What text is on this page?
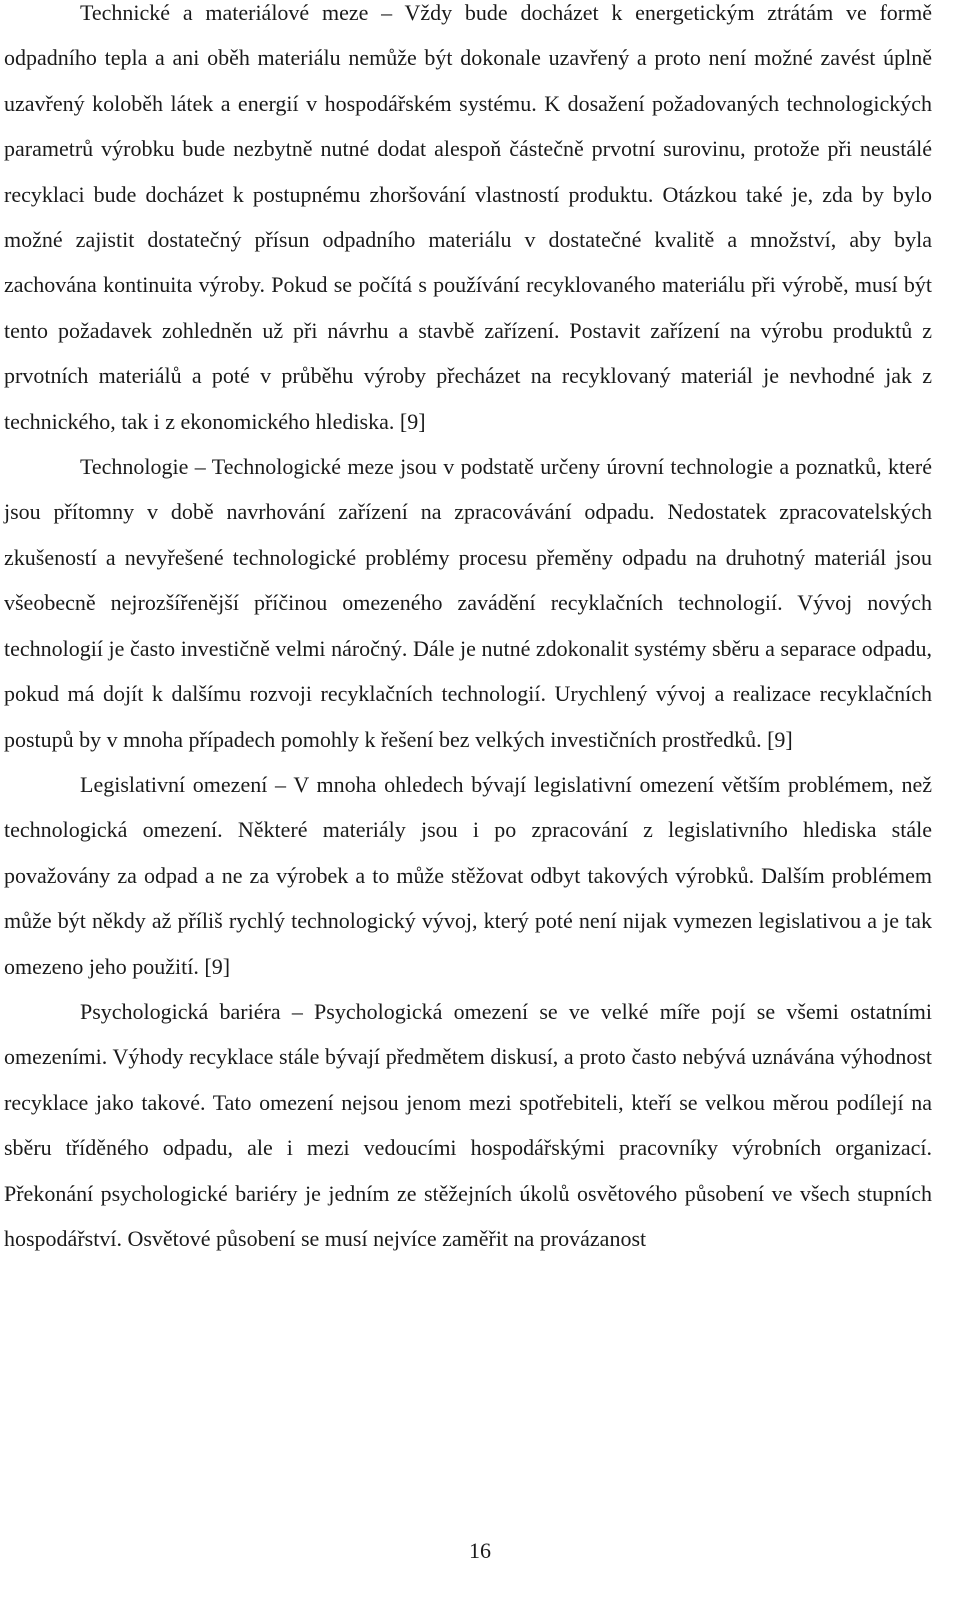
Technické a materiálové meze – Vždy bude docházet k energetickým ztrátám ve formě odpadního tepla a ani oběh materiálu nemůže být dokonale uzavřený a proto není možné zavést úplně uzavřený koloběh látek a energií v hospodářském systému. K dosažení požadovaných technologických parametrů výrobku bude nezbytně nutné dodat alespoň částečně prvotní surovinu, protože při neustálé recyklaci bude docházet k postupnému zhoršování vlastností produktu. Otázkou také je, zda by bylo možné zajistit dostatečný přísun odpadního materiálu v dostatečné kvalitě a množství, aby byla zachována kontinuita výroby. Pokud se počítá s používání recyklovaného materiálu při výrobě, musí být tento požadavek zohledněn už při návrhu a stavbě zařízení. Postavit zařízení na výrobu produktů z prvotních materiálů a poté v průběhu výroby přecházet na recyklovaný materiál je nevhodné jak z technického, tak i z ekonomického hlediska. [9]

Technologie – Technologické meze jsou v podstatě určeny úrovní technologie a poznatků, které jsou přítomny v době navrhování zařízení na zpracovávání odpadu. Nedostatek zpracovatelských zkušeností a nevyřešené technologické problémy procesu přeměny odpadu na druhotný materiál jsou všeobecně nejrozšířenější příčinou omezeného zavádění recyklačních technologií. Vývoj nových technologií je často investičně velmi náročný. Dále je nutné zdokonalit systémy sběru a separace odpadu, pokud má dojít k dalšímu rozvoji recyklačních technologií. Urychlený vývoj a realizace recyklačních postupů by v mnoha případech pomohly k řešení bez velkých investičních prostředků. [9]

Legislativní omezení – V mnoha ohledech bývají legislativní omezení větším problémem, než technologická omezení. Některé materiály jsou i po zpracování z legislativního hlediska stále považovány za odpad a ne za výrobek a to může stěžovat odbyt takových výrobků. Dalším problémem může být někdy až příliš rychlý technologický vývoj, který poté není nijak vymezen legislativou a je tak omezeno jeho použití. [9]

Psychologická bariéra – Psychologická omezení se ve velké míře pojí se všemi ostatními omezeními. Výhody recyklace stále bývají předmětem diskusí, a proto často nebývá uznávána výhodnost recyklace jako takové. Tato omezení nejsou jenom mezi spotřebiteli, kteří se velkou měrou podílejí na sběru tříděného odpadu, ale i mezi vedoucími hospodářskými pracovníky výrobních organizací. Překonání psychologické bariéry je jedním ze stěžejních úkolů osvětového působení ve všech stupních hospodářství. Osvětové působení se musí nejvíce zaměřit na provázanost

16
